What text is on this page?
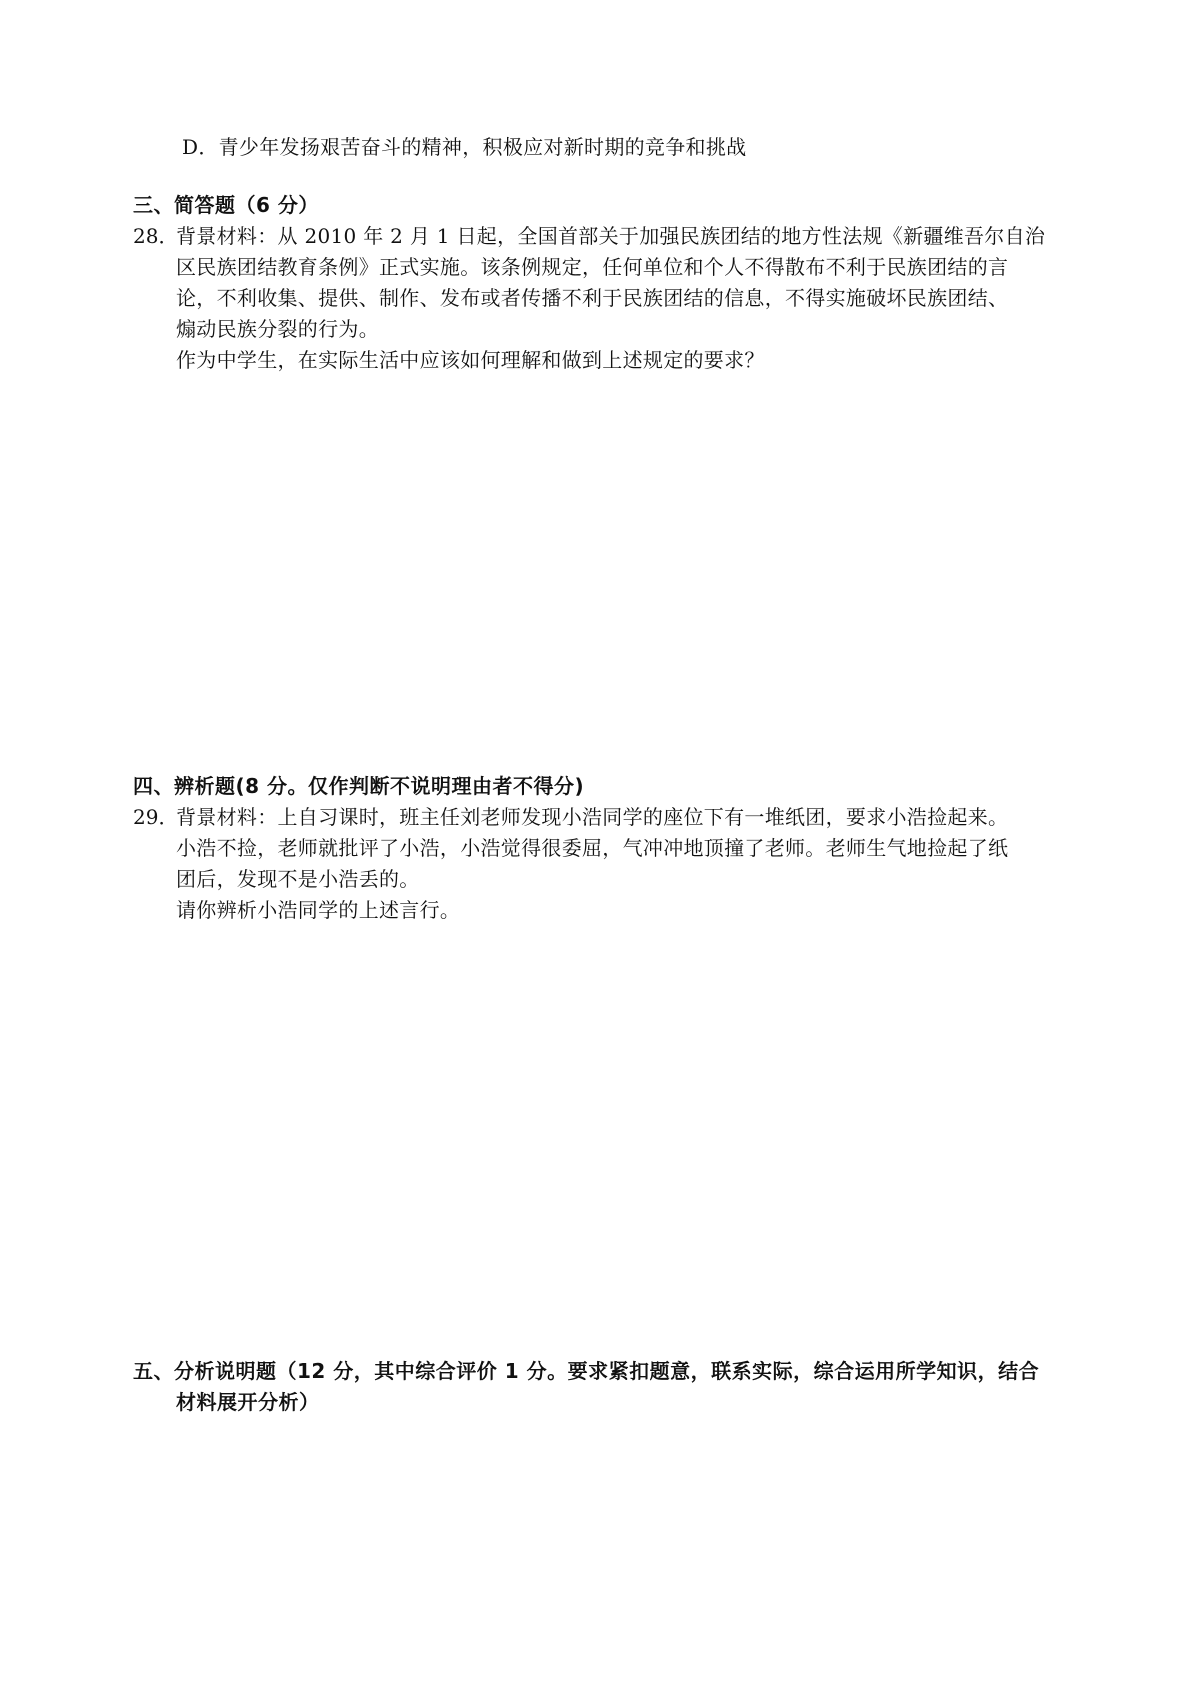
D．青少年发扬艰苦奋斗的精神，积极应对新时期的竞争和挑战
三、简答题（6 分）
28．
背景材料：从 2010 年 2 月 1 日起，全国首部关于加强民族团结的地方性法规《新疆维吾尔自治
区民族团结教育条例》正式实施。该条例规定，任何单位和个人不得散布不利于民族团结的言
论，不利收集、提供、制作、发布或者传播不利于民族团结的信息，不得实施破坏民族团结、
煽动民族分裂的行为。
作为中学生，在实际生活中应该如何理解和做到上述规定的要求？
四、辨析题(8 分。仅作判断不说明理由者不得分)
29．
背景材料：上自习课时，班主任刘老师发现小浩同学的座位下有一堆纸团，要求小浩捡起来。
小浩不捡，老师就批评了小浩，小浩觉得很委屈，气冲冲地顶撞了老师。老师生气地捡起了纸
团后，发现不是小浩丢的。
请你辨析小浩同学的上述言行。
五、分析说明题（12 分，其中综合评价 1 分。要求紧扣题意，联系实际，综合运用所学知识，结合
材料展开分析）
